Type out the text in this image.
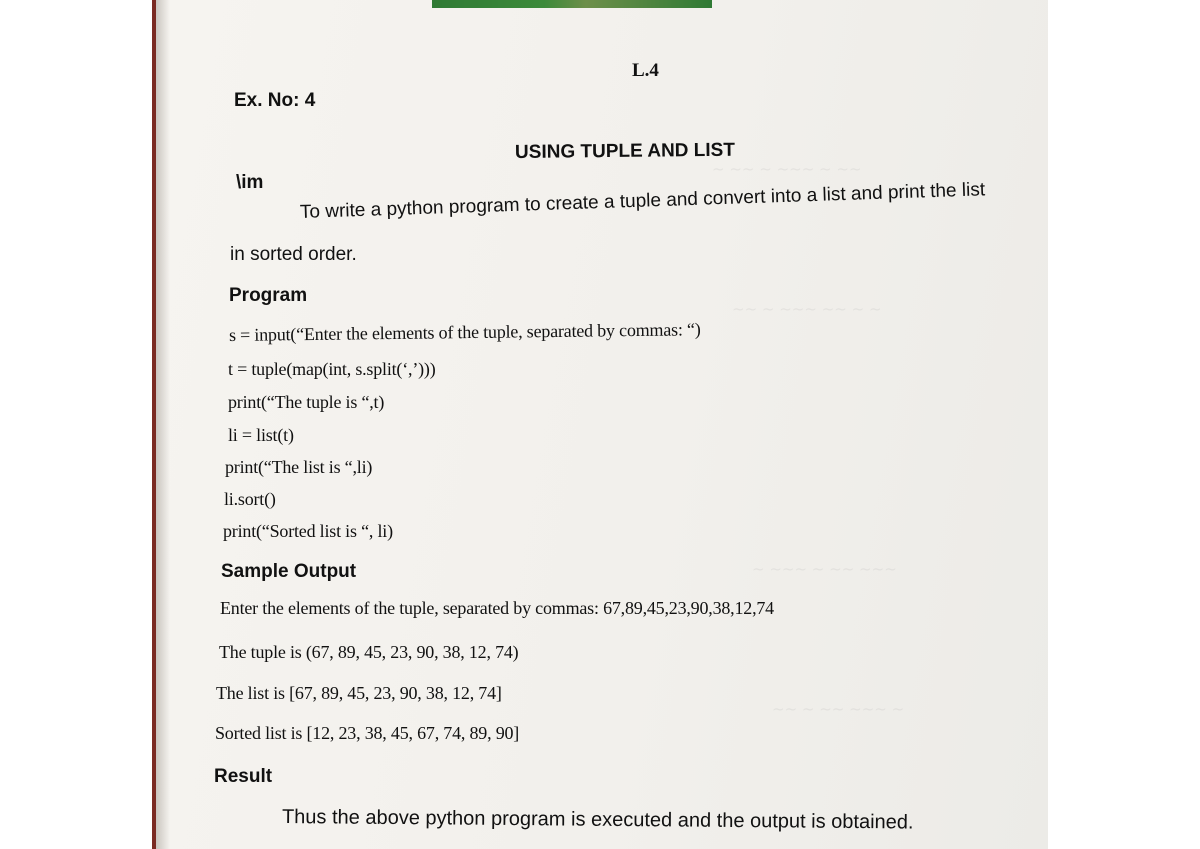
~ ~~ ~ ~~~ ~ ~~
~~ ~ ~~~ ~~ ~ ~
~ ~~~ ~ ~~ ~~~
~~ ~ ~~ ~~~ ~
L.4
Ex. No: 4
USING TUPLE AND LIST
\im To write a python program to create a tuple and convert into a list and print the list
in sorted order.
Program
s = input(“Enter the elements of the tuple, separated by commas: “)
t = tuple(map(int, s.split(‘,’)))
print(“The tuple is “,t)
li = list(t)
print(“The list is “,li)
li.sort()
print(“Sorted list is “, li)
Sample Output
Enter the elements of the tuple, separated by commas: 67,89,45,23,90,38,12,74
The tuple is (67, 89, 45, 23, 90, 38, 12, 74)
The list is [67, 89, 45, 23, 90, 38, 12, 74]
Sorted list is [12, 23, 38, 45, 67, 74, 89, 90]
Result
Thus the above python program is executed and the output is obtained.
